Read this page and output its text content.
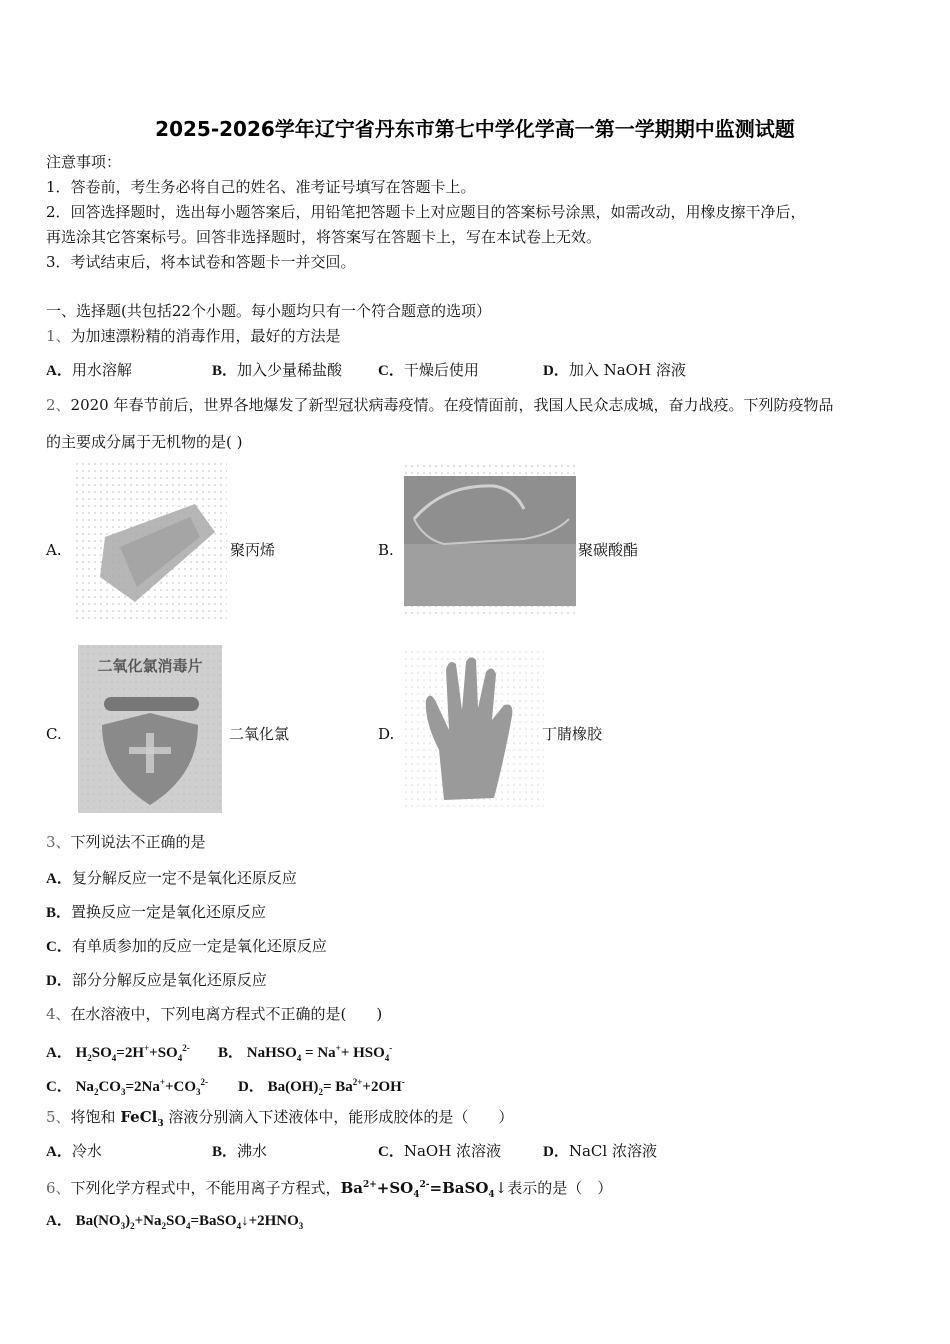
2025-2026学年辽宁省丹东市第七中学化学高一第一学期期中监测试题
注意事项：
1．答卷前，考生务必将自己的姓名、准考证号填写在答题卡上。
2．回答选择题时，选出每小题答案后，用铅笔把答题卡上对应题目的答案标号涂黑，如需改动，用橡皮擦干净后，
再选涂其它答案标号。回答非选择题时，将答案写在答题卡上，写在本试卷上无效。
3．考试结束后，将本试卷和答题卡一并交回。
一、选择题(共包括22个小题。每小题均只有一个符合题意的选项）
1、为加速漂粉精的消毒作用，最好的方法是
A．用水溶解	B．加入少量稀盐酸 C．干燥后使用	D．加入 NaOH 溶液
2、2020 年春节前后，世界各地爆发了新型冠状病毒疫情。在疫情面前，我国人民众志成城，奋力战疫。下列防疫物品
的主要成分属于无机物的是( )
A.	聚丙烯	B.	聚碳酸酯
C.
二氧化氯消毒片
二氧化氯	D.	丁腈橡胶
3、下列说法不正确的是
A．复分解反应一定不是氧化还原反应
B．置换反应一定是氧化还原反应
C．有单质参加的反应一定是氧化还原反应
D．部分分解反应是氧化还原反应
4、在水溶液中，下列电离方程式不正确的是(　　)
A． $H_2SO_4=2H^++SO_4^{2-}$ B． NaHSO$_4$ = $Na^++ HSO_4^-$
C． $Na_2CO_3=2Na^++CO_3^{2-}$ D． $Ba(OH)_2= Ba^{2+}+2OH^-$
5、将饱和 FeCl$_3$ 溶液分别滴入下述液体中，能形成胶体的是（　　）
A．冷水	B．沸水	C．NaOH 浓溶液	D．NaCl 浓溶液
6、下列化学方程式中，不能用离子方程式，$Ba^{2+}+SO_4^{2-}=BaSO_4↓$表示的是（　）
A． $Ba(NO_3)_2+Na_2SO_4=BaSO_4↓+2HNO_3$
